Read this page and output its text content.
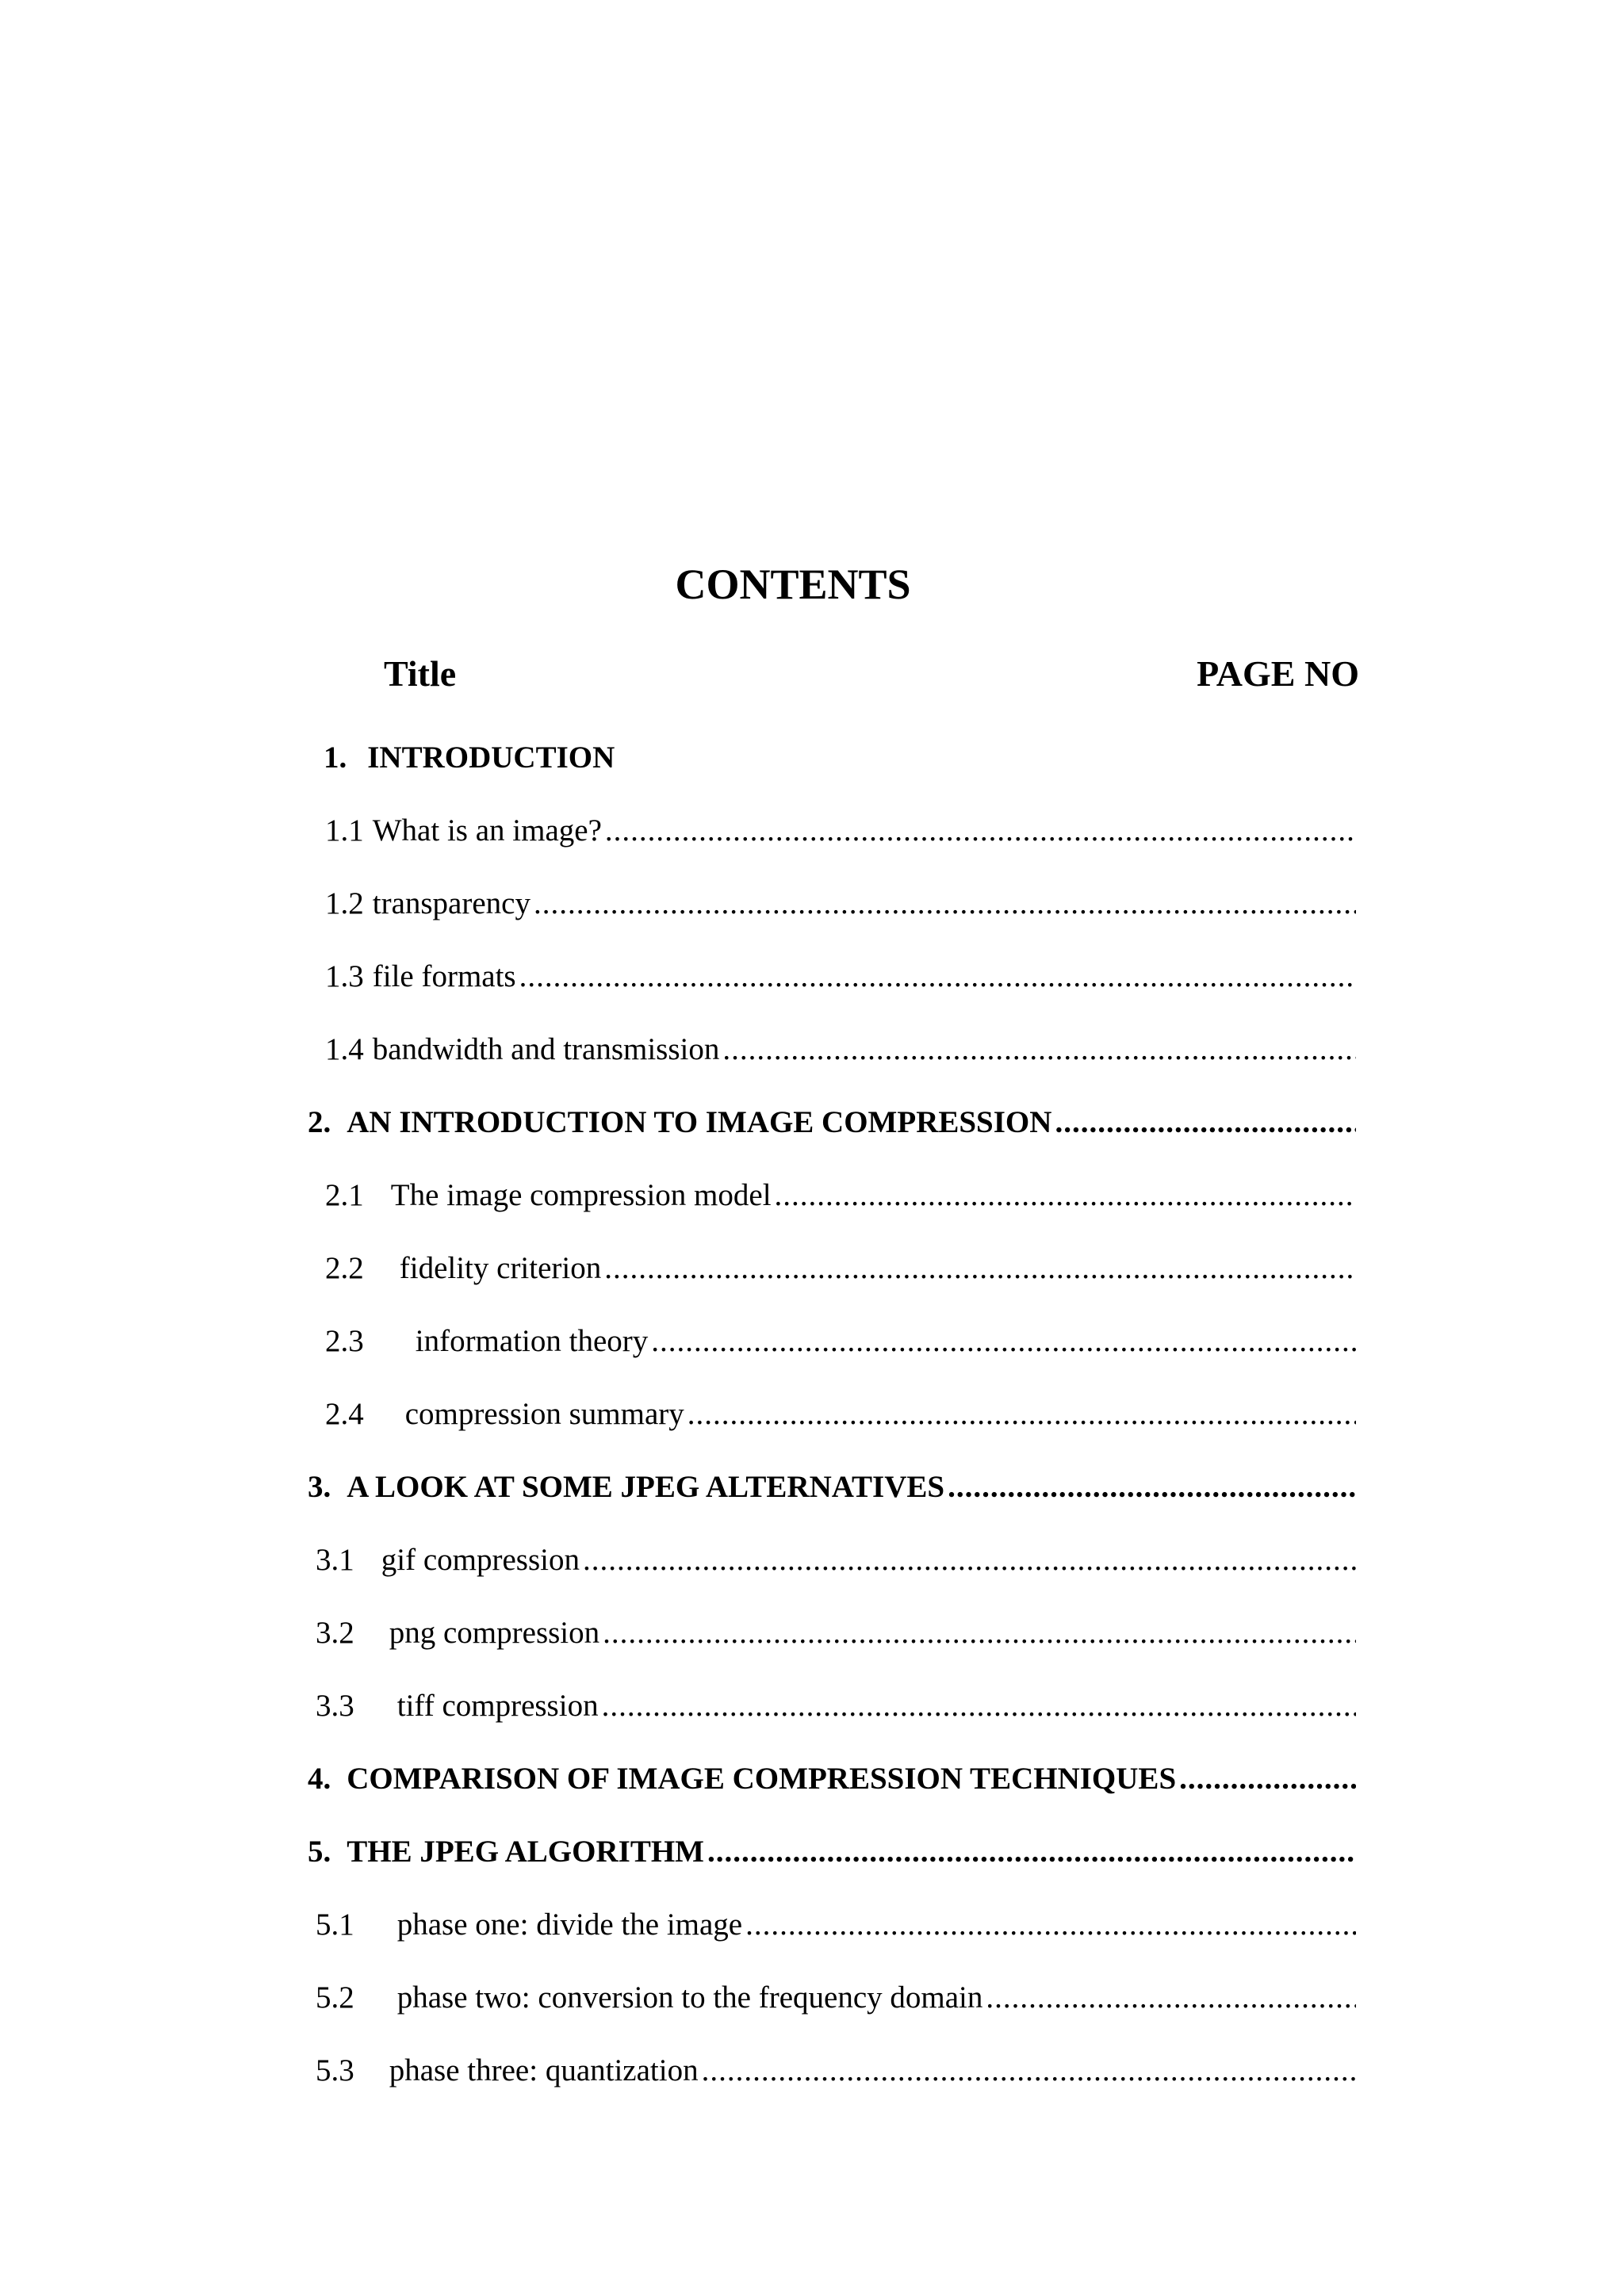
CONTENTS
Title	PAGE NO
1. INTRODUCTION
1.1 What is an image?
.....
1.2 transparency
.....
1.3 file formats
.....
1.4 bandwidth and transmission
.....
2. AN INTRODUCTION TO IMAGE COMPRESSION
.....
2.1 The image compression model
.....
2.2 fidelity criterion
.....
2.3 information theory
.....
2.4 compression summary
.....
3. A LOOK AT SOME JPEG ALTERNATIVES
.....
3.1 gif compression
.....
3.2 png compression
.....
3.3 tiff compression
.....
4. COMPARISON OF IMAGE COMPRESSION TECHNIQUES
.....
5. THE JPEG ALGORITHM
.....
5.1 phase one: divide the image
.....
5.2 phase two: conversion to the frequency domain
.....
5.3 phase three: quantization
.....
